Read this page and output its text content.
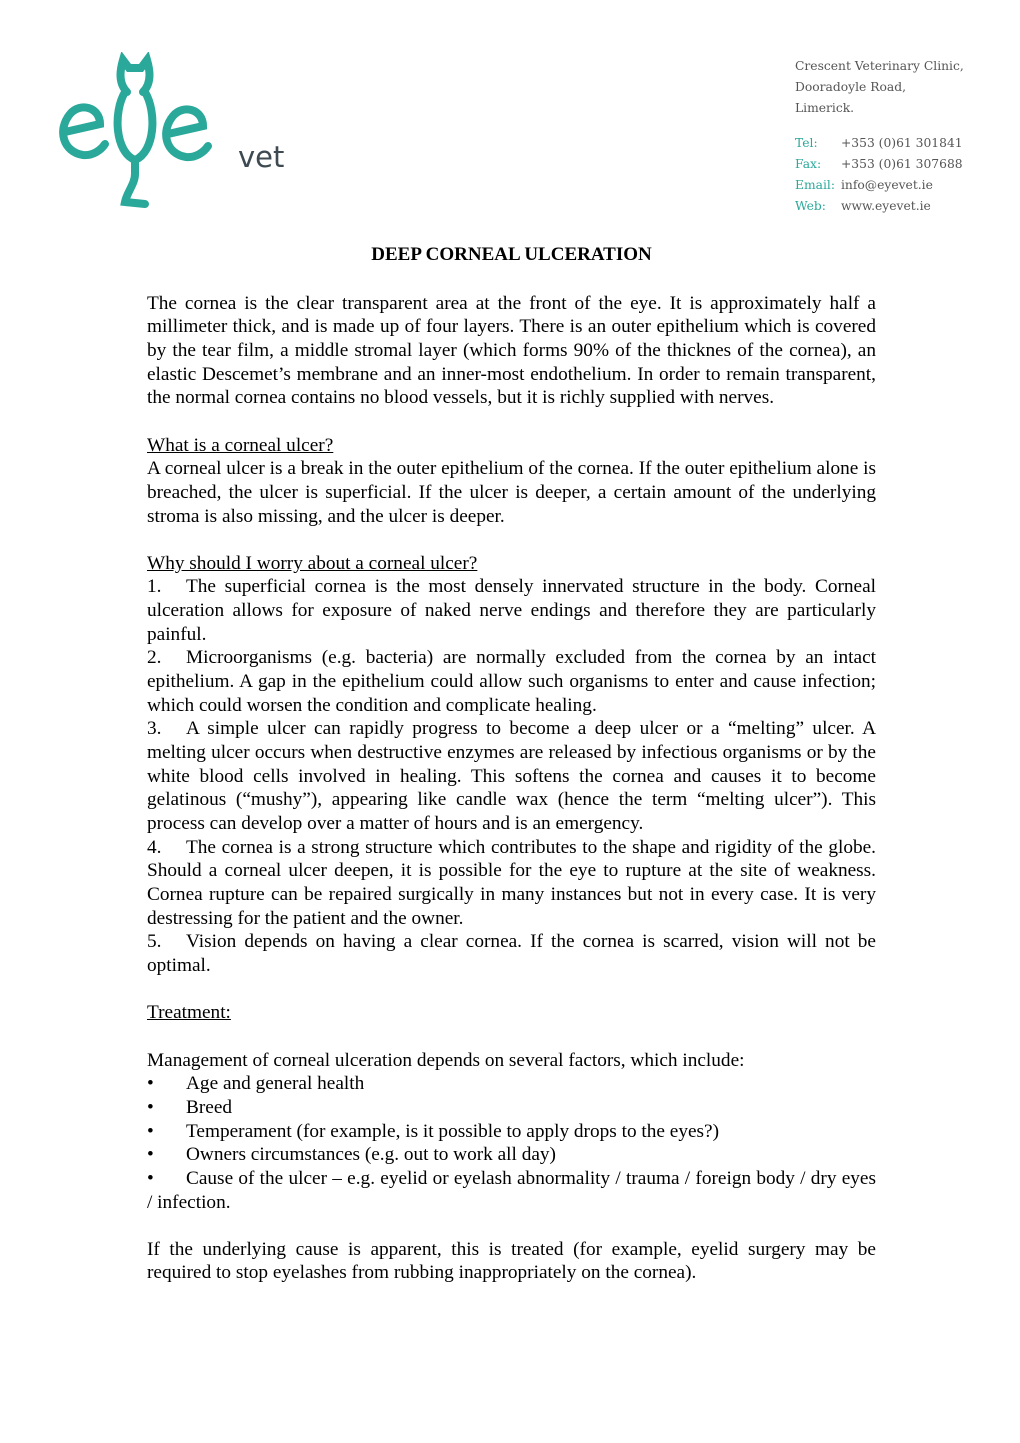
vet
Crescent Veterinary Clinic,
Dooradoyle Road,
Limerick.
Tel:	+353 (0)61 301841
Fax:	+353 (0)61 307688
Email: info@eyevet.ie
Web:	www.eyevet.ie
DEEP CORNEAL ULCERATION

The cornea is the clear transparent area at the front of the eye. It is approximately half a millimeter thick, and is made up of four layers. There is an outer epithelium which is covered by the tear film, a middle stromal layer (which forms 90% of the thicknes of the cornea), an elastic Descemet’s membrane and an inner-most endothelium. In order to remain transparent, the normal cornea contains no blood vessels, but it is richly supplied with nerves.

What is a corneal ulcer?

A corneal ulcer is a break in the outer epithelium of the cornea. If the outer epithelium alone is breached, the ulcer is superficial. If the ulcer is deeper, a certain amount of the underlying stroma is also missing, and the ulcer is deeper.

Why should I worry about a corneal ulcer?

1. The superficial cornea is the most densely innervated structure in the body. Corneal ulceration allows for exposure of naked nerve endings and therefore they are particularly painful.

2. Microorganisms (e.g. bacteria) are normally excluded from the cornea by an intact epithelium. A gap in the epithelium could allow such organisms to enter and cause infection; which could worsen the condition and complicate healing.

3. A simple ulcer can rapidly progress to become a deep ulcer or a “melting” ulcer. A melting ulcer occurs when destructive enzymes are released by infectious organisms or by the white blood cells involved in healing. This softens the cornea and causes it to become gelatinous (“mushy”), appearing like candle wax (hence the term “melting ulcer”). This process can develop over a matter of hours and is an emergency.

4. The cornea is a strong structure which contributes to the shape and rigidity of the globe. Should a corneal ulcer deepen, it is possible for the eye to rupture at the site of weakness. Cornea rupture can be repaired surgically in many instances but not in every case. It is very destressing for the patient and the owner.

5. Vision depends on having a clear cornea. If the cornea is scarred, vision will not be optimal.

Treatment:

Management of corneal ulceration depends on several factors, which include:

• Age and general health

• Breed

• Temperament (for example, is it possible to apply drops to the eyes?)

• Owners circumstances (e.g. out to work all day)

• Cause of the ulcer – e.g. eyelid or eyelash abnormality / trauma / foreign body / dry eyes / infection.

If the underlying cause is apparent, this is treated (for example, eyelid surgery may be required to stop eyelashes from rubbing inappropriately on the cornea).
